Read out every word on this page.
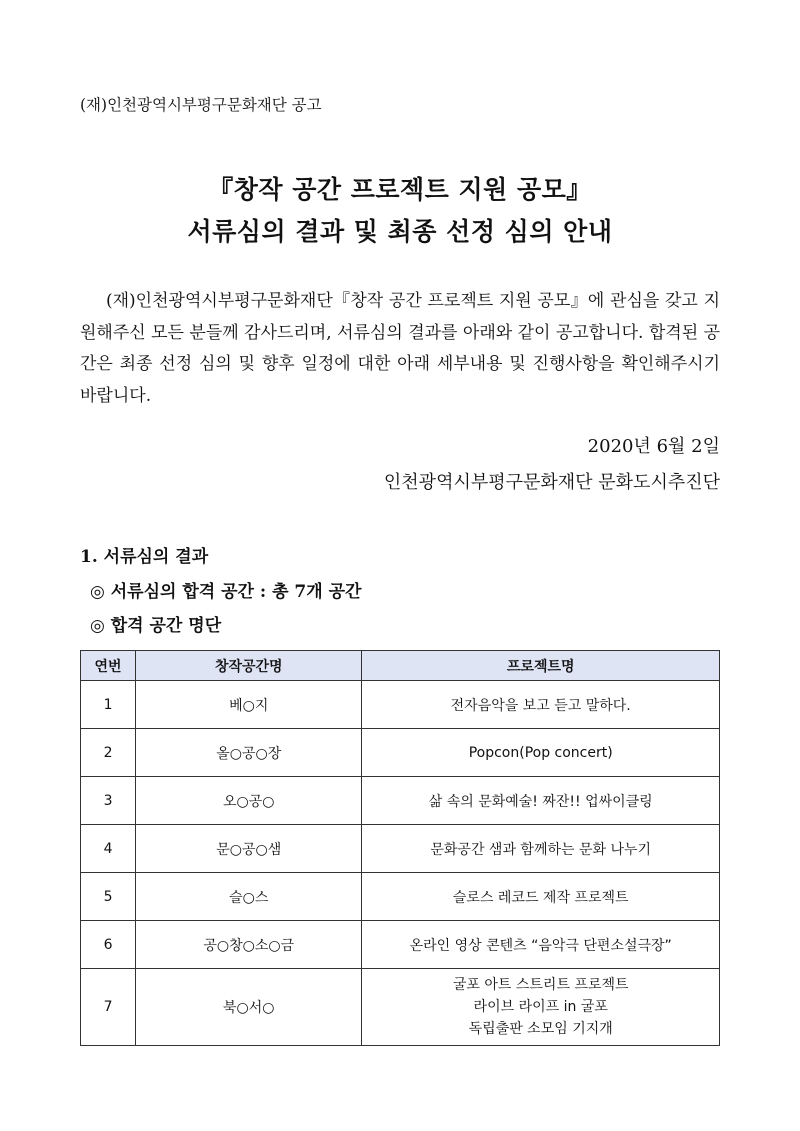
(재)인천광역시부평구문화재단 공고
『창작 공간 프로젝트 지원 공모』
서류심의 결과 및 최종 선정 심의 안내

(재)인천광역시부평구문화재단『창작 공간 프로젝트 지원 공모』에 관심을 갖고 지원해주신 모든 분들께 감사드리며, 서류심의 결과를 아래와 같이 공고합니다. 합격된 공간은 최종 선정 심의 및 향후 일정에 대한 아래 세부내용 및 진행사항을 확인해주시기 바랍니다.

2020년 6월 2일
인천광역시부평구문화재단 문화도시추진단
1. 서류심의 결과
◎ 서류심의 합격 공간 : 총 7개 공간
◎ 합격 공간 명단
연번	창작공간명	프로젝트명
1	베○지	전자음악을 보고 듣고 말하다.
2	올○공○장	Popcon(Pop concert)
3	오○공○	삶 속의 문화예술! 짜잔!! 업싸이클링
4	문○공○샘	문화공간 샘과 함께하는 문화 나누기
5	슬○스	슬로스 레코드 제작 프로젝트
6	공○창○소○금	온라인 영상 콘텐츠 “음악극 단편소설극장”
7	북○서○	굴포 아트 스트리트 프로젝트
라이브 라이프 in 굴포
독립출판 소모임 기지개
